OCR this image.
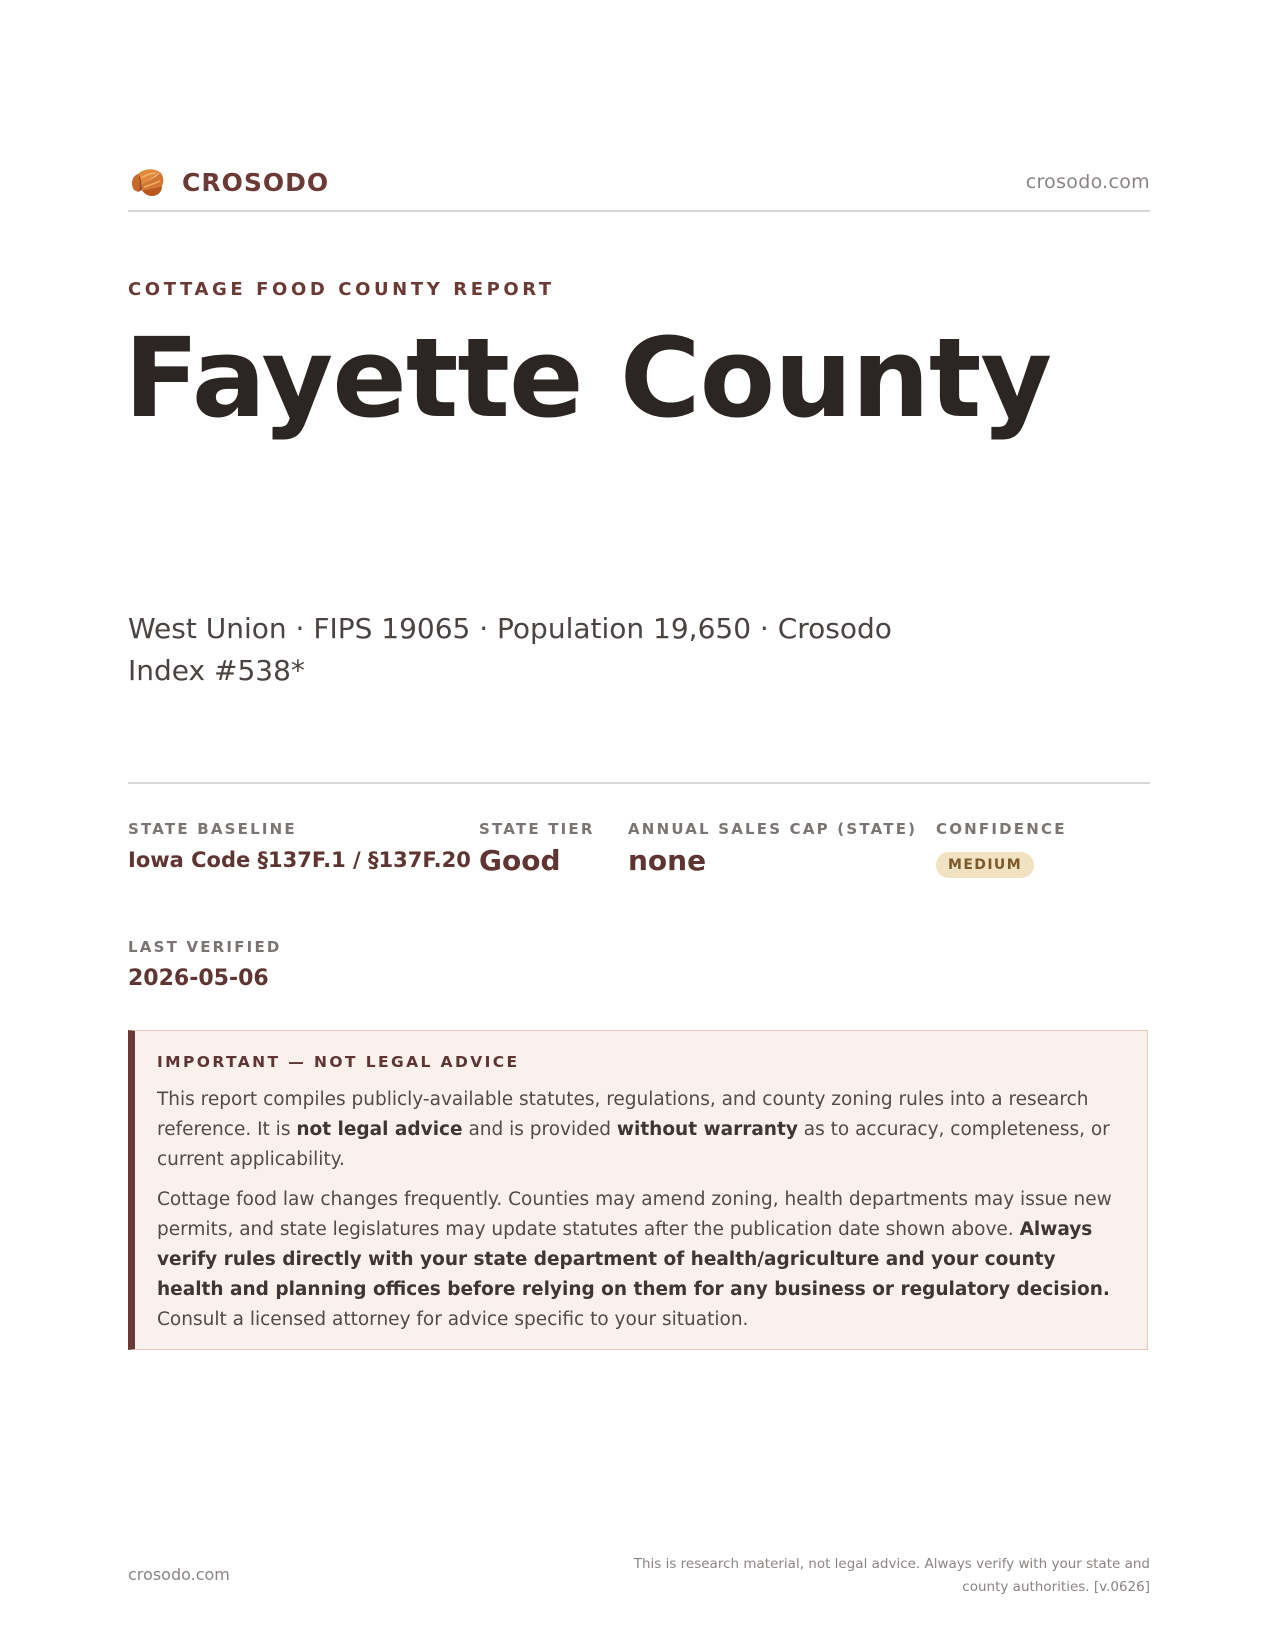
CROSODO	crosodo.com
COTTAGE FOOD COUNTY REPORT
Fayette County
West Union · FIPS 19065 · Population 19,650 · Crosodo Index #538*
STATE BASELINE
Iowa Code §137F.1 / §137F.20
STATE TIER
Good
ANNUAL SALES CAP (STATE)
none
CONFIDENCE
MEDIUM
LAST VERIFIED
2026-05-06
IMPORTANT — NOT LEGAL ADVICE

This report compiles publicly-available statutes, regulations, and county zoning rules into a research reference. It is not legal advice and is provided without warranty as to accuracy, completeness, or current applicability.

Cottage food law changes frequently. Counties may amend zoning, health departments may issue new permits, and state legislatures may update statutes after the publication date shown above. Always verify rules directly with your state department of health/agriculture and your county health and planning offices before relying on them for any business or regulatory decision. Consult a licensed attorney for advice specific to your situation.

crosodo.com
This is research material, not legal advice. Always verify with your state and county authorities. [v.0626]
